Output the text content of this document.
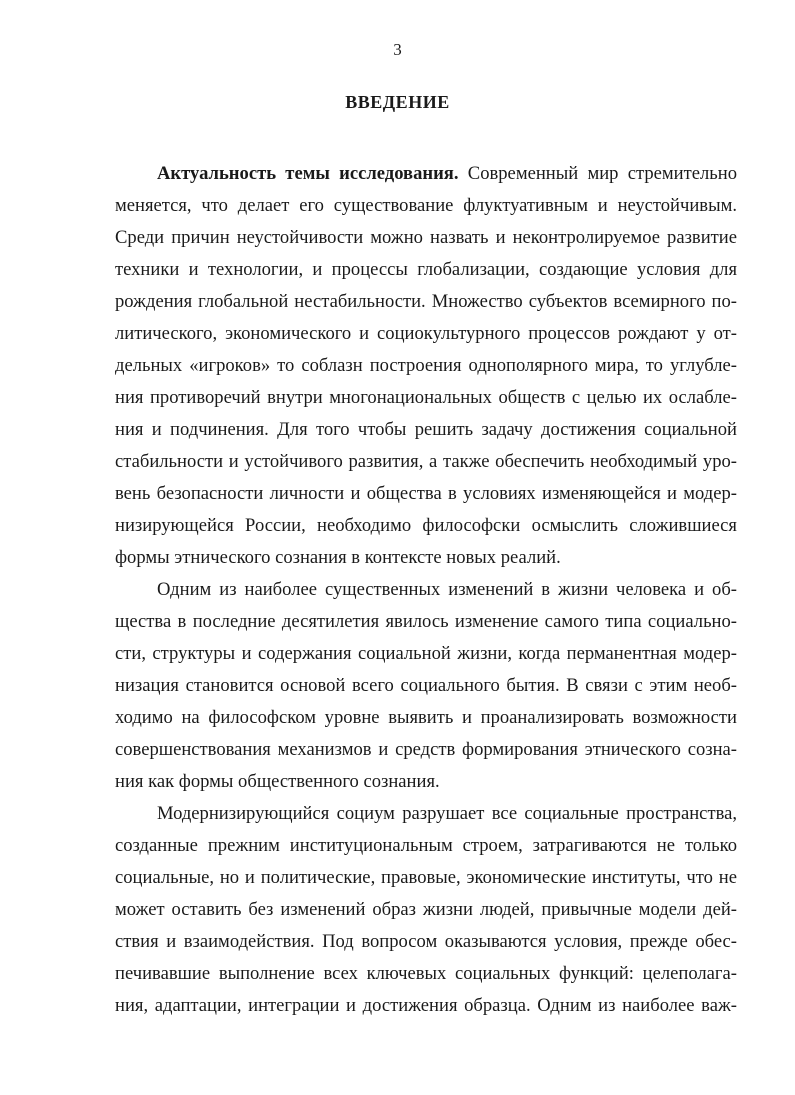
3
ВВЕДЕНИЕ
Актуальность темы исследования. Современный мир стремительно
меняется, что делает его существование флуктуативным и неустойчивым.
Среди причин неустойчивости можно назвать и неконтролируемое развитие
техники и технологии, и процессы глобализации, создающие условия для
рождения глобальной нестабильности. Множество субъектов всемирного по-
литического, экономического и социокультурного процессов рождают у от-
дельных «игроков» то соблазн построения однополярного мира, то углубле-
ния противоречий внутри многонациональных обществ с целью их ослабле-
ния и подчинения. Для того чтобы решить задачу достижения социальной
стабильности и устойчивого развития, а также обеспечить необходимый уро-
вень безопасности личности и общества в условиях изменяющейся и модер-
низирующейся России, необходимо философски осмыслить сложившиеся
формы этнического сознания в контексте новых реалий.
Одним из наиболее существенных изменений в жизни человека и об-
щества в последние десятилетия явилось изменение самого типа социально-
сти, структуры и содержания социальной жизни, когда перманентная модер-
низация становится основой всего социального бытия. В связи с этим необ-
ходимо на философском уровне выявить и проанализировать возможности
совершенствования механизмов и средств формирования этнического созна-
ния как формы общественного сознания.
Модернизирующийся социум разрушает все социальные пространства,
созданные прежним институциональным строем, затрагиваются не только
социальные, но и политические, правовые, экономические институты, что не
может оставить без изменений образ жизни людей, привычные модели дей-
ствия и взаимодействия. Под вопросом оказываются условия, прежде обес-
печивавшие выполнение всех ключевых социальных функций: целеполага-
ния, адаптации, интеграции и достижения образца. Одним из наиболее важ-
